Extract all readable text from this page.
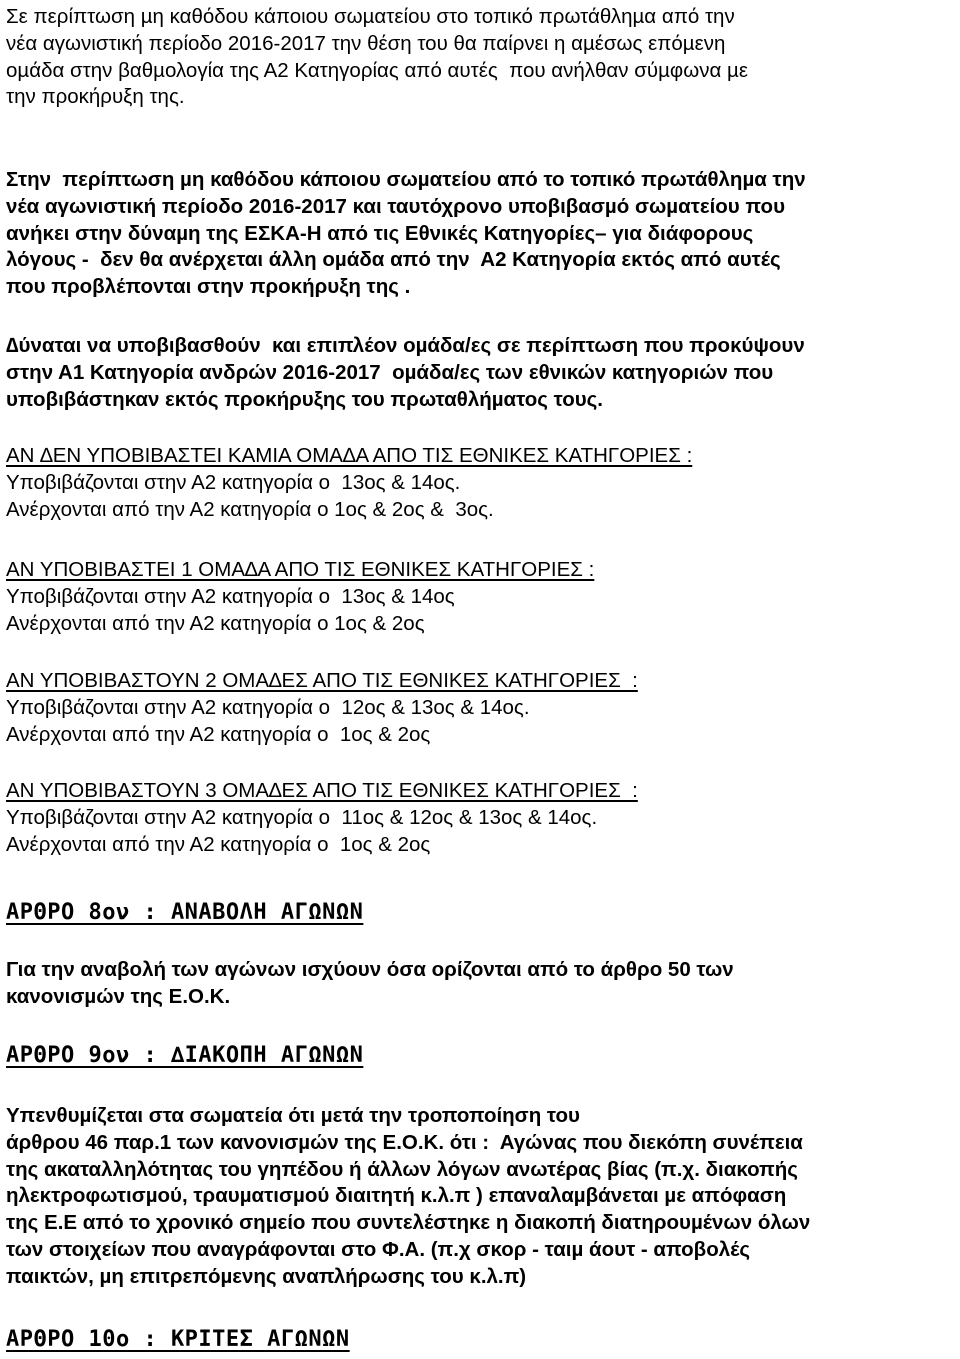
Σε περίπτωση µη καθόδου κάποιου σωµατείου στο τοπικό πρωτάθληµα από την

νέα αγωνιστική περίοδο 2016-2017 την θέση του θα παίρνει η αµέσως επόµενη

οµάδα στην βαθµολογία της Α2 Κατηγορίας από αυτές  που ανήλθαν σύµφωνα µε

την προκήρυξη της.

Στην  περίπτωση µη καθόδου κάποιου σωµατείου από το τοπικό πρωτάθληµα την

νέα αγωνιστική περίοδο 2016-2017 και ταυτόχρονο υποβιβασµό σωµατείου που

ανήκει στην δύναµη της ΕΣΚΑ-Η από τις Εθνικές Κατηγορίες– για διάφορους

λόγους -  δεν θα ανέρχεται άλλη οµάδα από την  Α2 Κατηγορία εκτός από αυτές

που προβλέπονται στην προκήρυξη της .

∆ύναται να υποβιβασθούν  και επιπλέον οµάδα/ες σε περίπτωση που προκύψουν

στην Α1 Κατηγορία ανδρών 2016-2017  οµάδα/ες των εθνικών κατηγοριών που

υποβιβάστηκαν εκτός προκήρυξης του πρωταθλήµατος τους.

ΑΝ ∆ΕΝ ΥΠΟΒΙΒΑΣΤΕΙ ΚΑΜΙΑ ΟΜΑ∆Α ΑΠΟ ΤΙΣ ΕΘΝΙΚΕΣ ΚΑΤΗΓΟΡΙΕΣ :

Υποβιβάζονται στην Α2 κατηγορία ο  13ος & 14ος.

Ανέρχονται από την Α2 κατηγορία ο 1ος & 2ος &  3ος.

ΑΝ ΥΠΟΒΙΒΑΣΤΕΙ 1 ΟΜΑ∆Α ΑΠΟ ΤΙΣ ΕΘΝΙΚΕΣ ΚΑΤΗΓΟΡΙΕΣ :

Υποβιβάζονται στην Α2 κατηγορία ο  13ος & 14ος

Ανέρχονται από την Α2 κατηγορία ο 1ος & 2ος

ΑΝ ΥΠΟΒΙΒΑΣΤΟΥΝ 2 ΟΜΑ∆ΕΣ ΑΠΟ ΤΙΣ ΕΘΝΙΚΕΣ ΚΑΤΗΓΟΡΙΕΣ  :

Υποβιβάζονται στην Α2 κατηγορία ο  12ος & 13ος & 14ος.

Ανέρχονται από την Α2 κατηγορία ο  1ος & 2ος

ΑΝ ΥΠΟΒΙΒΑΣΤΟΥΝ 3 ΟΜΑ∆ΕΣ ΑΠΟ ΤΙΣ ΕΘΝΙΚΕΣ ΚΑΤΗΓΟΡΙΕΣ  :

Υποβιβάζονται στην Α2 κατηγορία ο  11ος & 12ος & 13ος & 14ος.

Ανέρχονται από την Α2 κατηγορία ο  1ος & 2ος

ΑΡΘΡΟ 8ον : ΑΝΑΒΟΛΗ ΑΓΩΝΩΝ

Για την αναβολή των αγώνων ισχύουν όσα ορίζονται από το άρθρο 50 των

κανονισµών της Ε.Ο.Κ.

ΑΡΘΡΟ 9ον : ∆ΙΑΚΟΠΗ ΑΓΩΝΩΝ

Υπενθυµίζεται στα σωµατεία ότι µετά την τροποποίηση του

άρθρου 46 παρ.1 των κανονισµών της Ε.Ο.Κ. ότι :  Αγώνας που διεκόπη συνέπεια

της ακαταλληλότητας του γηπέδου ή άλλων λόγων ανωτέρας βίας (π.χ. διακοπής

ηλεκτροφωτισµού, τραυµατισµού διαιτητή κ.λ.π ) επαναλαµβάνεται µε απόφαση

της Ε.Ε από το χρονικό σηµείο που συντελέστηκε η διακοπή διατηρουµένων όλων

των στοιχείων που αναγράφονται στο Φ.Α. (π.χ σκορ - ταιµ άουτ - αποβολές

παικτών, µη επιτρεπόµενης αναπλήρωσης του κ.λ.π)

ΑΡΘΡΟ 10ο : ΚΡΙΤΕΣ ΑΓΩΝΩΝ
